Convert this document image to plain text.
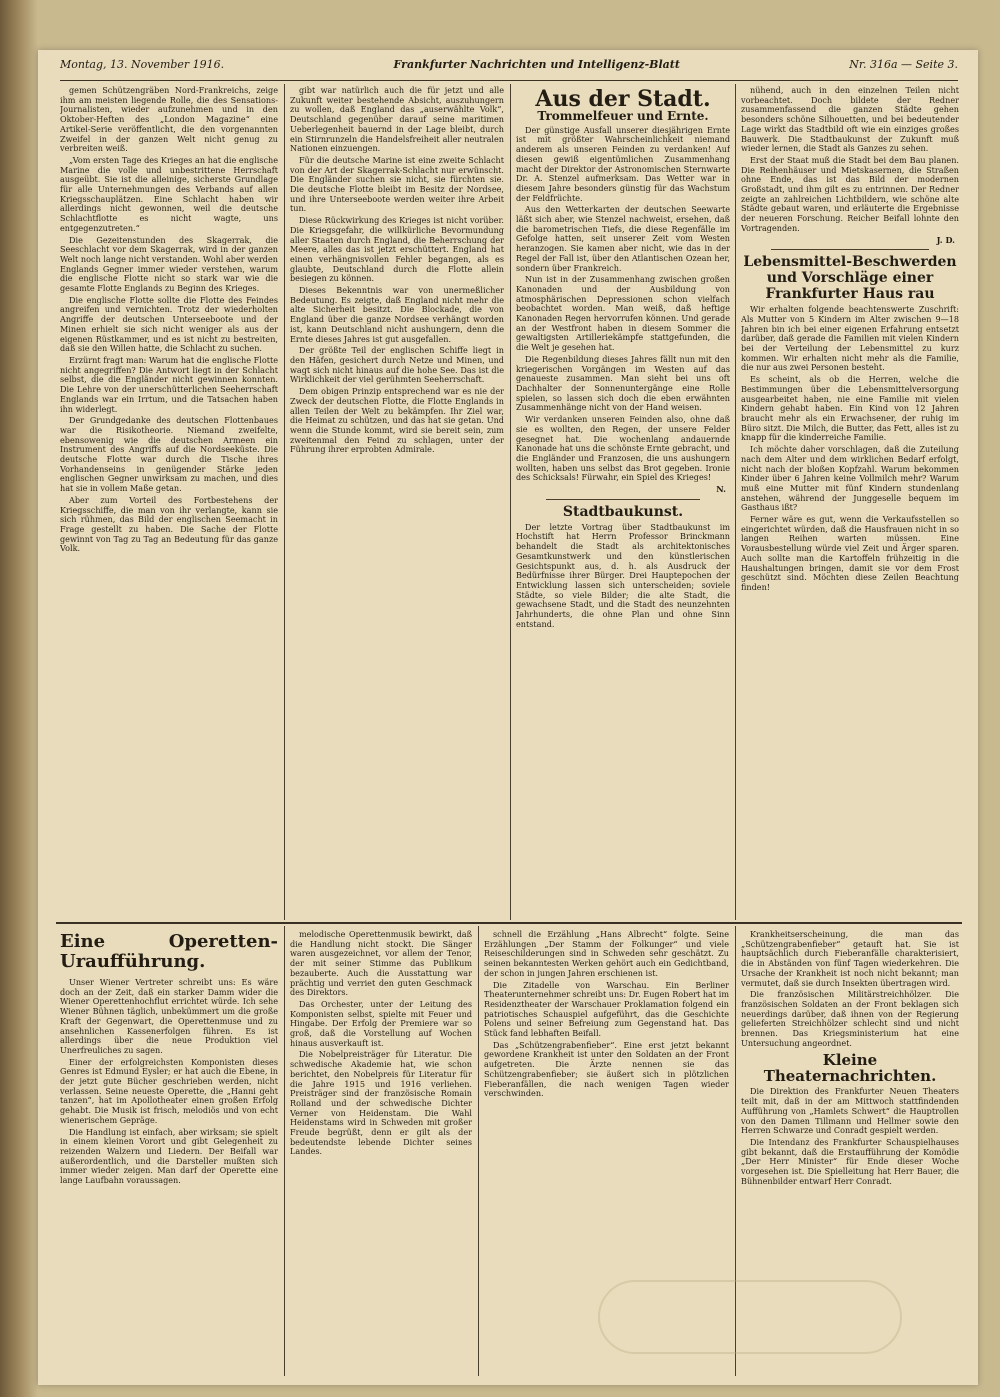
Montag, 13. November 1916.	Frankfurter Nachrichten und Intelligenz-Blatt	Nr. 316a — Seite 3.

gemen Schützengräben Nord-Frankreichs, zeige ihm am meisten liegende Rolle, die des Sensations-Journalisten, wieder aufzunehmen und in den Oktober-Heften des „London Magazine“ eine Artikel-Serie veröffentlicht, die den vorgenannten Zweifel in der ganzen Welt nicht genug zu verbreiten weiß.

„Vom ersten Tage des Krieges an hat die englische Marine die volle und unbestrittene Herrschaft ausgeübt. Sie ist die alleinige, sicherste Grundlage für alle Unternehmungen des Verbands auf allen Kriegsschauplätzen. Eine Schlacht haben wir allerdings nicht gewonnen, weil die deutsche Schlachtflotte es nicht wagte, uns entgegenzutreten.“

Die Gezeitenstunden des Skagerrak, die Seeschlacht vor dem Skagerrak, wird in der ganzen Welt noch lange nicht verstanden. Wohl aber werden Englands Gegner immer wieder verstehen, warum die englische Flotte nicht so stark war wie die gesamte Flotte Englands zu Beginn des Krieges.

Die englische Flotte sollte die Flotte des Feindes angreifen und vernichten. Trotz der wiederholten Angriffe der deutschen Unterseeboote und der Minen erhielt sie sich nicht weniger als aus der eigenen Rüstkammer, und es ist nicht zu bestreiten, daß sie den Willen hatte, die Schlacht zu suchen.

Erzürnt fragt man: Warum hat die englische Flotte nicht angegriffen? Die Antwort liegt in der Schlacht selbst, die die Engländer nicht gewinnen konnten. Die Lehre von der unerschütterlichen Seeherrschaft Englands war ein Irrtum, und die Tatsachen haben ihn widerlegt.

Der Grundgedanke des deutschen Flottenbaues war die Risikotheorie. Niemand zweifelte, ebensowenig wie die deutschen Armeen ein Instrument des Angriffs auf die Nordseeküste. Die deutsche Flotte war durch die Tische ihres Vorhandenseins in genügender Stärke jeden englischen Gegner unwirksam zu machen, und dies hat sie in vollem Maße getan.

Aber zum Vorteil des Fortbestehens der Kriegsschiffe, die man von ihr verlangte, kann sie sich rühmen, das Bild der englischen Seemacht in Frage gestellt zu haben. Die Sache der Flotte gewinnt von Tag zu Tag an Bedeutung für das ganze Volk.

gibt war natürlich auch die für jetzt und alle Zukunft weiter bestehende Absicht, auszuhungern zu wollen, daß England das „auserwählte Volk“, Deutschland gegenüber darauf seine maritimen Ueberlegenheit bauernd in der Lage bleibt, durch ein Stirnrunzeln die Handelsfreiheit aller neutralen Nationen einzuengen.

Für die deutsche Marine ist eine zweite Schlacht von der Art der Skagerrak-Schlacht nur erwünscht. Die Engländer suchen sie nicht, sie fürchten sie. Die deutsche Flotte bleibt im Besitz der Nordsee, und ihre Unterseeboote werden weiter ihre Arbeit tun.

Diese Rückwirkung des Krieges ist nicht vorüber. Die Kriegsgefahr, die willkürliche Bevormundung aller Staaten durch England, die Beherrschung der Meere, alles das ist jetzt erschüttert. England hat einen verhängnisvollen Fehler begangen, als es glaubte, Deutschland durch die Flotte allein besiegen zu können.

Dieses Bekenntnis war von unermeßlicher Bedeutung. Es zeigte, daß England nicht mehr die alte Sicherheit besitzt. Die Blockade, die von England über die ganze Nordsee verhängt worden ist, kann Deutschland nicht aushungern, denn die Ernte dieses Jahres ist gut ausgefallen.

Der größte Teil der englischen Schiffe liegt in den Häfen, gesichert durch Netze und Minen, und wagt sich nicht hinaus auf die hohe See. Das ist die Wirklichkeit der viel gerühmten Seeherrschaft.

Dem obigen Prinzip entsprechend war es nie der Zweck der deutschen Flotte, die Flotte Englands in allen Teilen der Welt zu bekämpfen. Ihr Ziel war, die Heimat zu schützen, und das hat sie getan. Und wenn die Stunde kommt, wird sie bereit sein, zum zweitenmal den Feind zu schlagen, unter der Führung ihrer erprobten Admirale.

Aus der Stadt.
Trommelfeuer und Ernte.

Der günstige Ausfall unserer diesjährigen Ernte ist mit größter Wahrscheinlichkeit niemand anderem als unseren Feinden zu verdanken! Auf diesen gewiß eigentümlichen Zusammenhang macht der Direktor der Astronomischen Sternwarte Dr. A. Stenzel aufmerksam. Das Wetter war in diesem Jahre besonders günstig für das Wachstum der Feldfrüchte.

Aus den Wetterkarten der deutschen Seewarte läßt sich aber, wie Stenzel nachweist, ersehen, daß die barometrischen Tiefs, die diese Regenfälle im Gefolge hatten, seit unserer Zeit vom Westen heranzogen. Sie kamen aber nicht, wie das in der Regel der Fall ist, über den Atlantischen Ozean her, sondern über Frankreich.

Nun ist in der Zusammenhang zwischen großen Kanonaden und der Ausbildung von atmosphärischen Depressionen schon vielfach beobachtet worden. Man weiß, daß heftige Kanonaden Regen hervorrufen können. Und gerade an der Westfront haben in diesem Sommer die gewaltigsten Artilleriekämpfe stattgefunden, die die Welt je gesehen hat.

Die Regenbildung dieses Jahres fällt nun mit den kriegerischen Vorgängen im Westen auf das genaueste zusammen. Man sieht bei uns oft Dachhalter der Sonnenuntergänge eine Rolle spielen, so lassen sich doch die eben erwähnten Zusammenhänge nicht von der Hand weisen.

Wir verdanken unseren Feinden also, ohne daß sie es wollten, den Regen, der unsere Felder gesegnet hat. Die wochenlang andauernde Kanonade hat uns die schönste Ernte gebracht, und die Engländer und Franzosen, die uns aushungern wollten, haben uns selbst das Brot gegeben. Ironie des Schicksals! Fürwahr, ein Spiel des Krieges!

N.
Stadtbaukunst.

Der letzte Vortrag über Stadtbaukunst im Hochstift hat Herrn Professor Brinckmann behandelt die Stadt als architektonisches Gesamtkunstwerk und den künstlerischen Gesichtspunkt aus, d. h. als Ausdruck der Bedürfnisse ihrer Bürger. Drei Hauptepochen der Entwicklung lassen sich unterscheiden; soviele Städte, so viele Bilder; die alte Stadt, die gewachsene Stadt, und die Stadt des neunzehnten Jahrhunderts, die ohne Plan und ohne Sinn entstand.

nühend, auch in den einzelnen Teilen nicht vorbeachtet. Doch bildete der Redner zusammenfassend die ganzen Städte gehen besonders schöne Silhouetten, und bei bedeutender Lage wirkt das Stadtbild oft wie ein einziges großes Bauwerk. Die Stadtbaukunst der Zukunft muß wieder lernen, die Stadt als Ganzes zu sehen.

Erst der Staat muß die Stadt bei dem Bau planen. Die Reihenhäuser und Mietskasernen, die Straßen ohne Ende, das ist das Bild der modernen Großstadt, und ihm gilt es zu entrinnen. Der Redner zeigte an zahlreichen Lichtbildern, wie schöne alte Städte gebaut waren, und erläuterte die Ergebnisse der neueren Forschung. Reicher Beifall lohnte den Vortragenden.

J. D.
Lebensmittel-Beschwerden und Vorschläge einer Frankfurter Haus rau

Wir erhalten folgende beachtenswerte Zuschrift: Als Mutter von 5 Kindern im Alter zwischen 9—18 Jahren bin ich bei einer eigenen Erfahrung entsetzt darüber, daß gerade die Familien mit vielen Kindern bei der Verteilung der Lebensmittel zu kurz kommen. Wir erhalten nicht mehr als die Familie, die nur aus zwei Personen besteht.

Es scheint, als ob die Herren, welche die Bestimmungen über die Lebensmittelversorgung ausgearbeitet haben, nie eine Familie mit vielen Kindern gehabt haben. Ein Kind von 12 Jahren braucht mehr als ein Erwachsener, der ruhig im Büro sitzt. Die Milch, die Butter, das Fett, alles ist zu knapp für die kinderreiche Familie.

Ich möchte daher vorschlagen, daß die Zuteilung nach dem Alter und dem wirklichen Bedarf erfolgt, nicht nach der bloßen Kopfzahl. Warum bekommen Kinder über 6 Jahren keine Vollmilch mehr? Warum muß eine Mutter mit fünf Kindern stundenlang anstehen, während der Junggeselle bequem im Gasthaus ißt?

Ferner wäre es gut, wenn die Verkaufsstellen so eingerichtet würden, daß die Hausfrauen nicht in so langen Reihen warten müssen. Eine Vorausbestellung würde viel Zeit und Ärger sparen. Auch sollte man die Kartoffeln frühzeitig in die Haushaltungen bringen, damit sie vor dem Frost geschützt sind. Möchten diese Zeilen Beachtung finden!

Eine Operetten-Uraufführung.

Unser Wiener Vertreter schreibt uns: Es wäre doch an der Zeit, daß ein starker Damm wider die Wiener Operettenhochflut errichtet würde. Ich sehe Wiener Bühnen täglich, unbekümmert um die große Kraft der Gegenwart, die Operettenmuse und zu ansehnlichen Kassenerfolgen führen. Es ist allerdings über die neue Produktion viel Unerfreuliches zu sagen.

Einer der erfolgreichsten Komponisten dieses Genres ist Edmund Eysler; er hat auch die Ebene, in der jetzt gute Bücher geschrieben werden, nicht verlassen. Seine neueste Operette, die „Hanni geht tanzen“, hat im Apollotheater einen großen Erfolg gehabt. Die Musik ist frisch, melodiös und von echt wienerischem Gepräge.

Die Handlung ist einfach, aber wirksam; sie spielt in einem kleinen Vorort und gibt Gelegenheit zu reizenden Walzern und Liedern. Der Beifall war außerordentlich, und die Darsteller mußten sich immer wieder zeigen. Man darf der Operette eine lange Laufbahn voraussagen.

melodische Operettenmusik bewirkt, daß die Handlung nicht stockt. Die Sänger waren ausgezeichnet, vor allem der Tenor, der mit seiner Stimme das Publikum bezauberte. Auch die Ausstattung war prächtig und verriet den guten Geschmack des Direktors.

Das Orchester, unter der Leitung des Komponisten selbst, spielte mit Feuer und Hingabe. Der Erfolg der Premiere war so groß, daß die Vorstellung auf Wochen hinaus ausverkauft ist.

Die Nobelpreisträger für Literatur. Die schwedische Akademie hat, wie schon berichtet, den Nobelpreis für Literatur für die Jahre 1915 und 1916 verliehen. Preisträger sind der französische Romain Rolland und der schwedische Dichter Verner von Heidenstam. Die Wahl Heidenstams wird in Schweden mit großer Freude begrüßt, denn er gilt als der bedeutendste lebende Dichter seines Landes.

schnell die Erzählung „Hans Albrecht“ folgte. Seine Erzählungen „Der Stamm der Folkunger“ und viele Reiseschilderungen sind in Schweden sehr geschätzt. Zu seinen bekanntesten Werken gehört auch ein Gedichtband, der schon in jungen Jahren erschienen ist.

Die Zitadelle von Warschau. Ein Berliner Theaterunternehmer schreibt uns: Dr. Eugen Robert hat im Residenztheater der Warschauer Proklamation folgend ein patriotisches Schauspiel aufgeführt, das die Geschichte Polens und seiner Befreiung zum Gegenstand hat. Das Stück fand lebhaften Beifall.

Das „Schützengrabenfieber“. Eine erst jetzt bekannt gewordene Krankheit ist unter den Soldaten an der Front aufgetreten. Die Ärzte nennen sie das Schützengrabenfieber; sie äußert sich in plötzlichen Fieberanfällen, die nach wenigen Tagen wieder verschwinden.

Krankheitserscheinung, die man das „Schützengrabenfieber“ getauft hat. Sie ist hauptsächlich durch Fieberanfälle charakterisiert, die in Abständen von fünf Tagen wiederkehren. Die Ursache der Krankheit ist noch nicht bekannt; man vermutet, daß sie durch Insekten übertragen wird.

Die französischen Militärstreichhölzer. Die französischen Soldaten an der Front beklagen sich neuerdings darüber, daß ihnen von der Regierung gelieferten Streichhölzer schlecht sind und nicht brennen. Das Kriegsministerium hat eine Untersuchung angeordnet.

Kleine Theaternachrichten.

Die Direktion des Frankfurter Neuen Theaters teilt mit, daß in der am Mittwoch stattfindenden Aufführung von „Hamlets Schwert“ die Hauptrollen von den Damen Tillmann und Hellmer sowie den Herren Schwarze und Conradt gespielt werden.

Die Intendanz des Frankfurter Schauspielhauses gibt bekannt, daß die Erstaufführung der Komödie „Der Herr Minister“ für Ende dieser Woche vorgesehen ist. Die Spielleitung hat Herr Bauer, die Bühnenbilder entwarf Herr Conradt.
